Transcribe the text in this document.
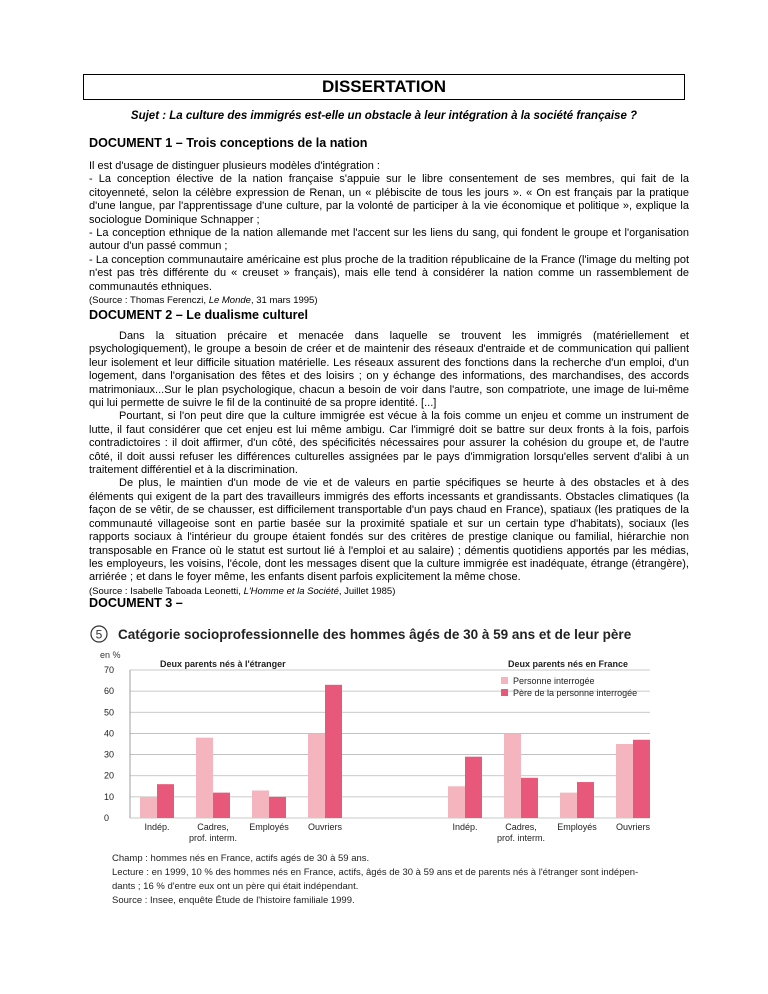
DISSERTATION
Sujet : La culture des immigrés est-elle un obstacle à leur intégration à la société française ?
DOCUMENT 1 – Trois conceptions de la nation

Il est d'usage de distinguer plusieurs modèles d'intégration :

- La conception élective de la nation française s'appuie sur le libre consentement de ses membres, qui fait de la citoyenneté, selon la célèbre expression de Renan, un « plébiscite de tous les jours ». « On est français par la pratique d'une langue, par l'apprentissage d'une culture, par la volonté de participer à la vie économique et politique », explique la sociologue Dominique Schnapper ;

- La conception ethnique de la nation allemande met l'accent sur les liens du sang, qui fondent le groupe et l'organisation autour d'un passé commun ;

- La conception communautaire américaine est plus proche de la tradition républicaine de la France (l'image du melting pot n'est pas très différente du « creuset » français), mais elle tend à considérer la nation comme un rassemblement de communautés ethniques.

(Source : Thomas Ferenczi, Le Monde, 31 mars 1995)

DOCUMENT 2 – Le dualisme culturel

Dans la situation précaire et menacée dans laquelle se trouvent les immigrés (matériellement et psychologiquement), le groupe a besoin de créer et de maintenir des réseaux d'entraide et de communication qui pallient leur isolement et leur difficile situation matérielle. Les réseaux assurent des fonctions dans la recherche d'un emploi, d'un logement, dans l'organisation des fêtes et des loisirs ; on y échange des informations, des marchandises, des accords matrimoniaux...Sur le plan psychologique, chacun a besoin de voir dans l'autre, son compatriote, une image de lui-même qui lui permette de suivre le fil de la continuité de sa propre identité. [...]

Pourtant, si l'on peut dire que la culture immigrée est vécue à la fois comme un enjeu et comme un instrument de lutte, il faut considérer que cet enjeu est lui même ambigu. Car l'immigré doit se battre sur deux fronts à la fois, parfois contradictoires : il doit affirmer, d'un côté, des spécificités nécessaires pour assurer la cohésion du groupe et, de l'autre côté, il doit aussi refuser les différences culturelles assignées par le pays d'immigration lorsqu'elles servent d'alibi à un traitement différentiel et à la discrimination.

De plus, le maintien d'un mode de vie et de valeurs en partie spécifiques se heurte à des obstacles et à des éléments qui exigent de la part des travailleurs immigrés des efforts incessants et grandissants. Obstacles climatiques (la façon de se vêtir, de se chausser, est difficilement transportable d'un pays chaud en France), spatiaux (les pratiques de la communauté villageoise sont en partie basée sur la proximité spatiale et sur un certain type d'habitats), sociaux (les rapports sociaux à l'intérieur du groupe étaient fondés sur des critères de prestige clanique ou familial, hiérarchie non transposable en France où le statut est surtout lié à l'emploi et au salaire) ; démentis quotidiens apportés par les médias, les employeurs, les voisins, l'école, dont les messages disent que la culture immigrée est inadéquate, étrange (étrangère), arriérée ; et dans le foyer même, les enfants disent parfois explicitement la même chose.

(Source : Isabelle Taboada Leonetti, L'Homme et la Société, Juillet 1985)

DOCUMENT 3 –
5 Catégorie socioprofessionnelle des hommes âgés de 30 à 59 ans et de leur père
en %
0
10
20
30
40
50
60
70
Deux parents nés à l'étranger
Indép.	Cadres,
prof. interm.
Employés Ouvriers
Deux parents nés en France
Indép.	Cadres,
prof. interm.
Employés Ouvriers
Personne interrogée
Père de la personne interrogée
Champ : hommes nés en France, actifs agés de 30 à 59 ans.
Lecture : en 1999, 10 % des hommes nés en France, actifs, âgés de 30 à 59 ans et de parents nés à l'étranger sont indépen-
dants ; 16 % d'entre eux ont un père qui était indépendant.
Source : Insee, enquête Étude de l'histoire familiale 1999.
